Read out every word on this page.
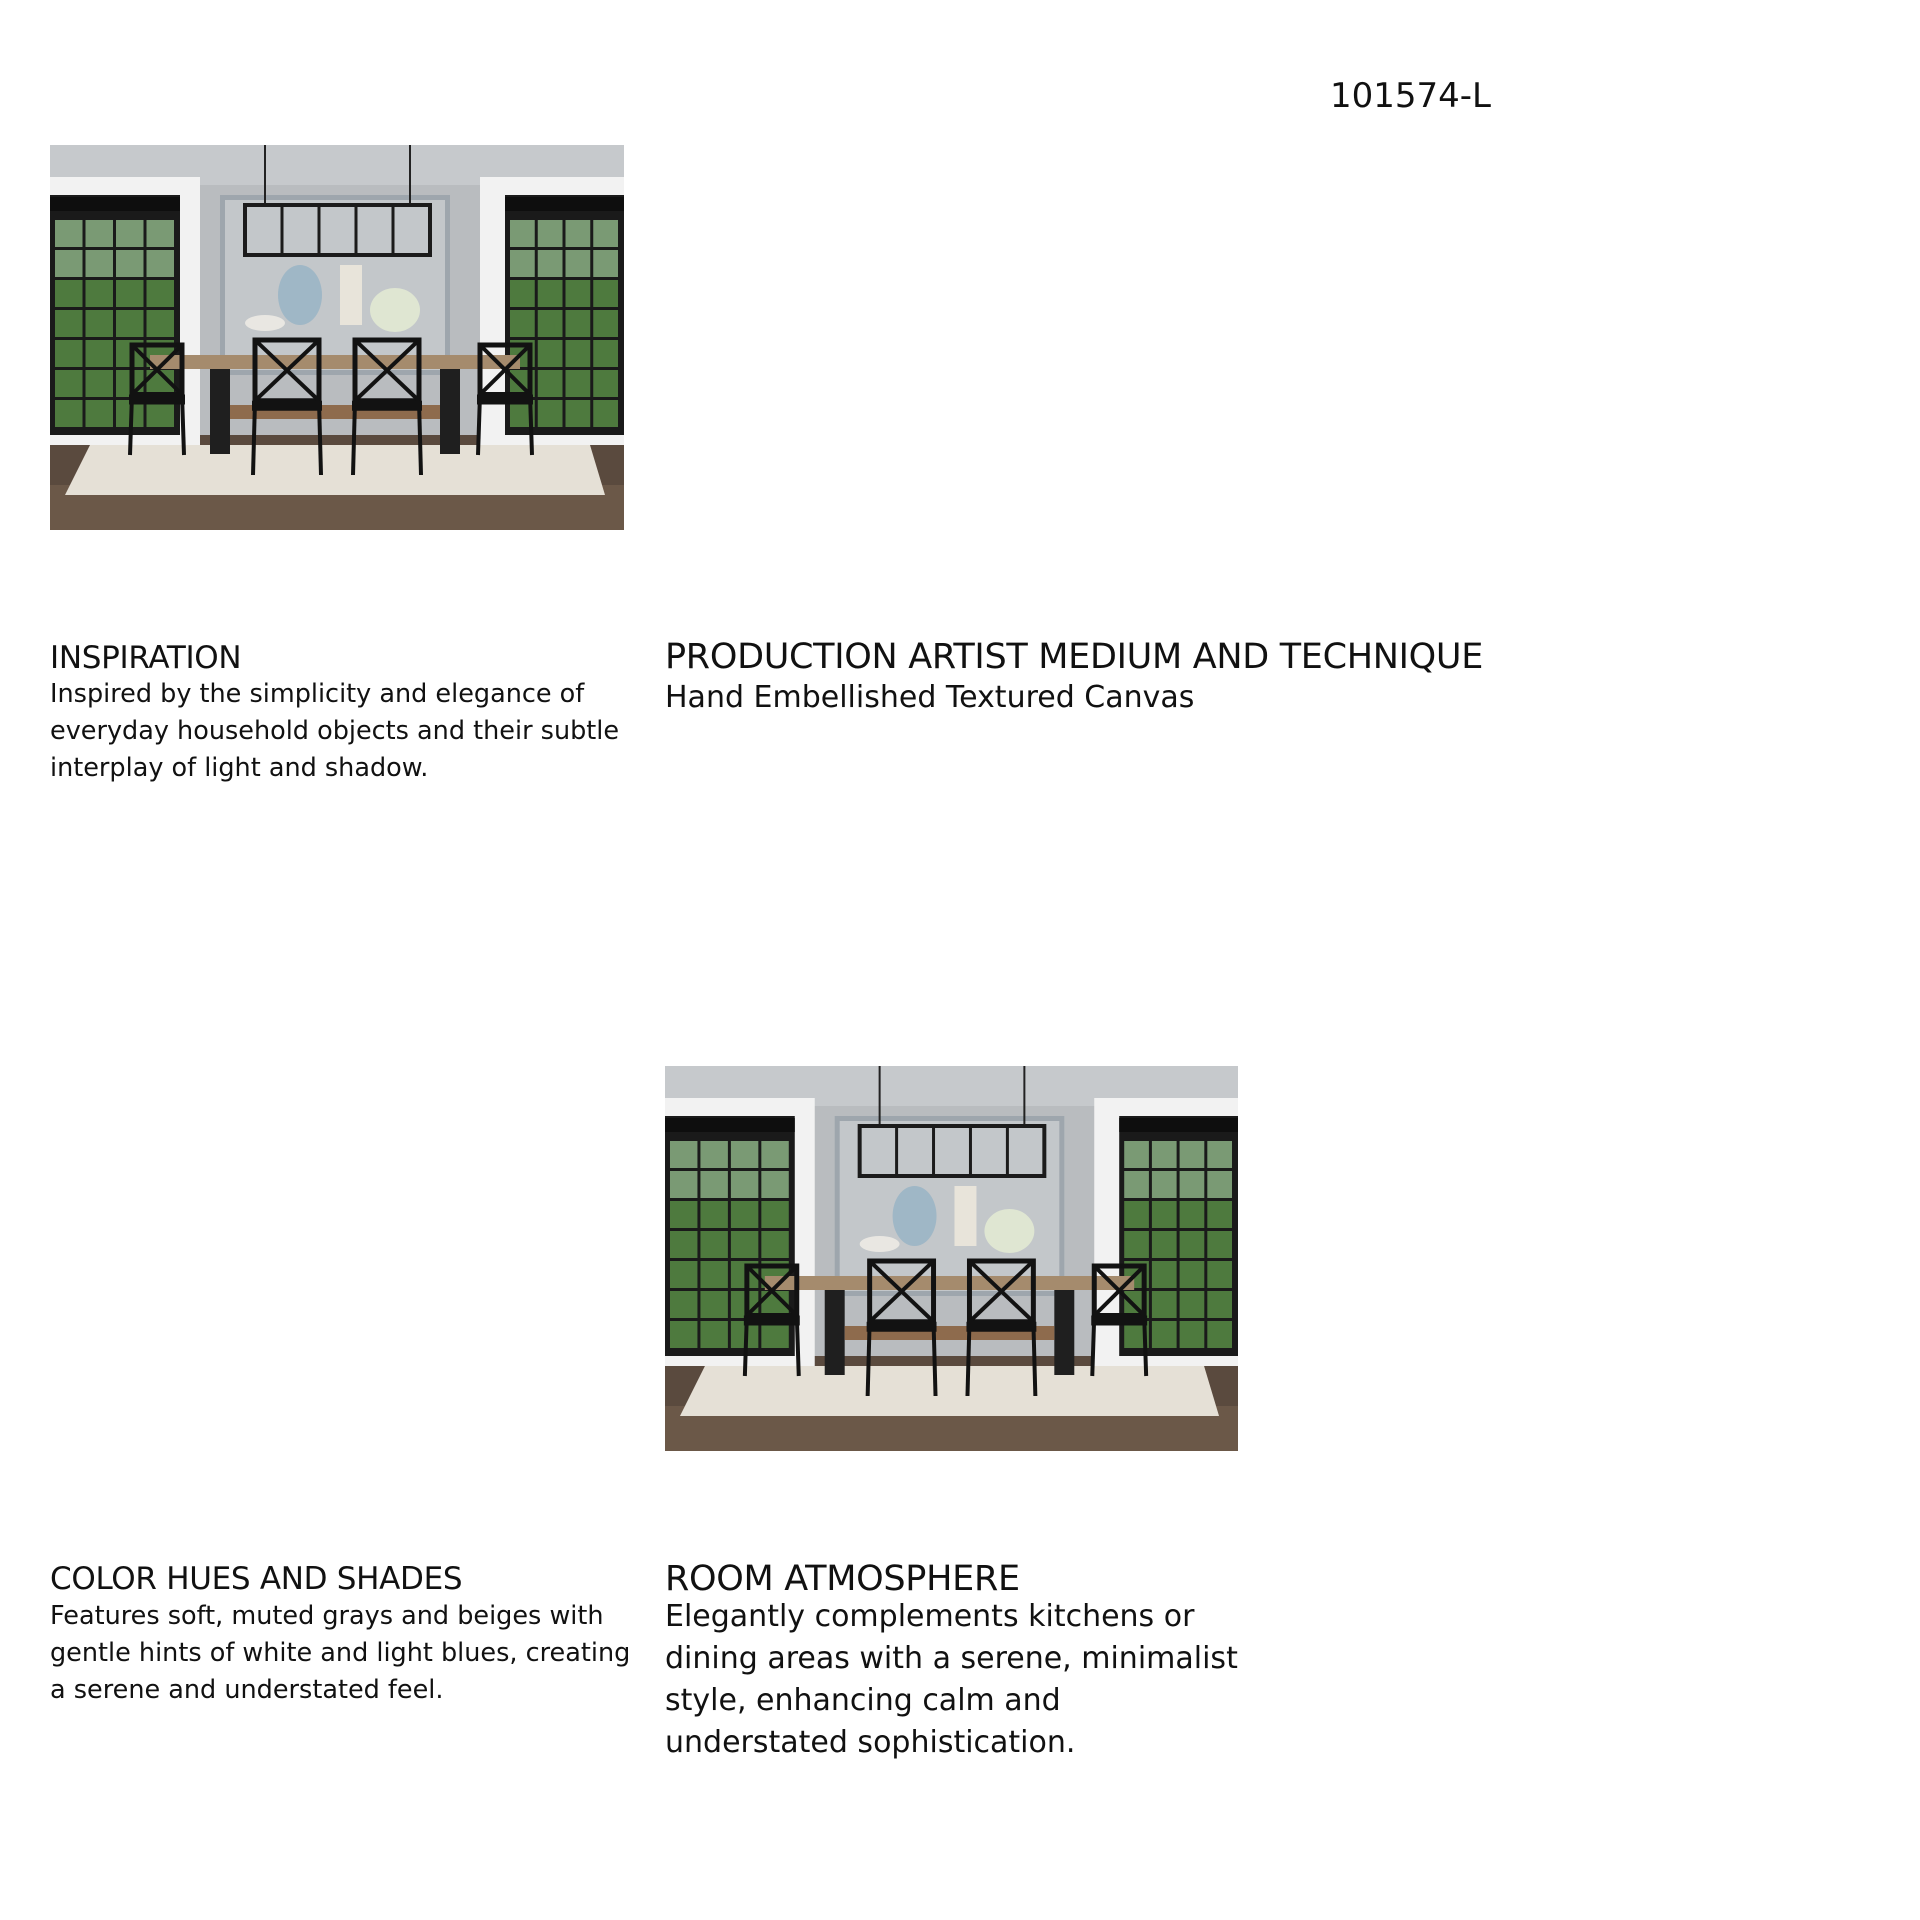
101574-L
INSPIRATION
Inspired by the simplicity and elegance of everyday household objects and their subtle interplay of light and shadow.
PRODUCTION ARTIST MEDIUM AND TECHNIQUE
Hand Embellished Textured Canvas
COLOR HUES AND SHADES
Features soft, muted grays and beiges with gentle hints of white and light blues, creating a serene and understated feel.
ROOM ATMOSPHERE
Elegantly complements kitchens or dining areas with a serene, minimalist style, enhancing calm and understated sophistication.
